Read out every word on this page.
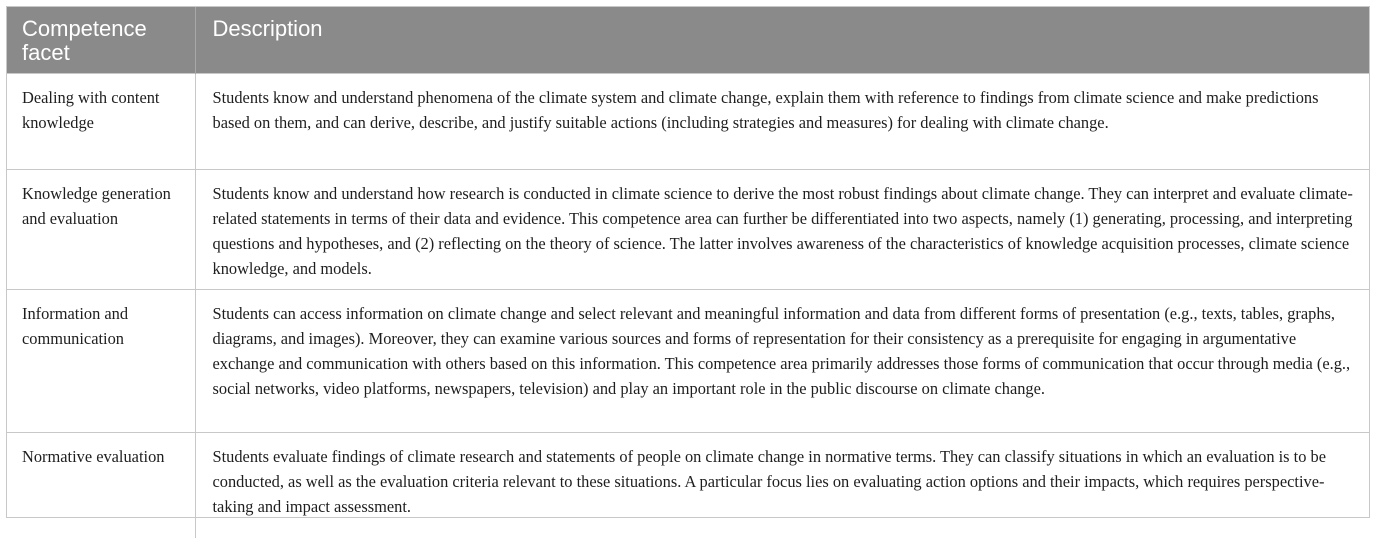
Competence facet	Description
Dealing with content knowledge	Students know and understand phenomena of the climate system and climate change, explain them with reference to findings from climate science and make predictions based on them, and can derive, describe, and justify suitable actions (including strategies and measures) for dealing with climate change.
Knowledge generation and evaluation	Students know and understand how research is conducted in climate science to derive the most robust findings about climate change. They can interpret and evaluate climate-related statements in terms of their data and evidence. This competence area can further be differentiated into two aspects, namely (1) generating, processing, and interpreting questions and hypotheses, and (2) reflecting on the theory of science. The latter involves awareness of the characteristics of knowledge acquisition processes, climate science knowledge, and models.
Information and communication	Students can access information on climate change and select relevant and meaningful information and data from different forms of presentation (e.g., texts, tables, graphs, diagrams, and images). Moreover, they can examine various sources and forms of representation for their consistency as a prerequisite for engaging in argumentative exchange and communication with others based on this information. This competence area primarily addresses those forms of communication that occur through media (e.g., social networks, video platforms, newspapers, television) and play an important role in the public discourse on climate change.
Normative evaluation	Students evaluate findings of climate research and statements of people on climate change in normative terms. They can classify situations in which an evaluation is to be conducted, as well as the evaluation criteria relevant to these situations. A particular focus lies on evaluating action options and their impacts, which requires perspective-taking and impact assessment.
